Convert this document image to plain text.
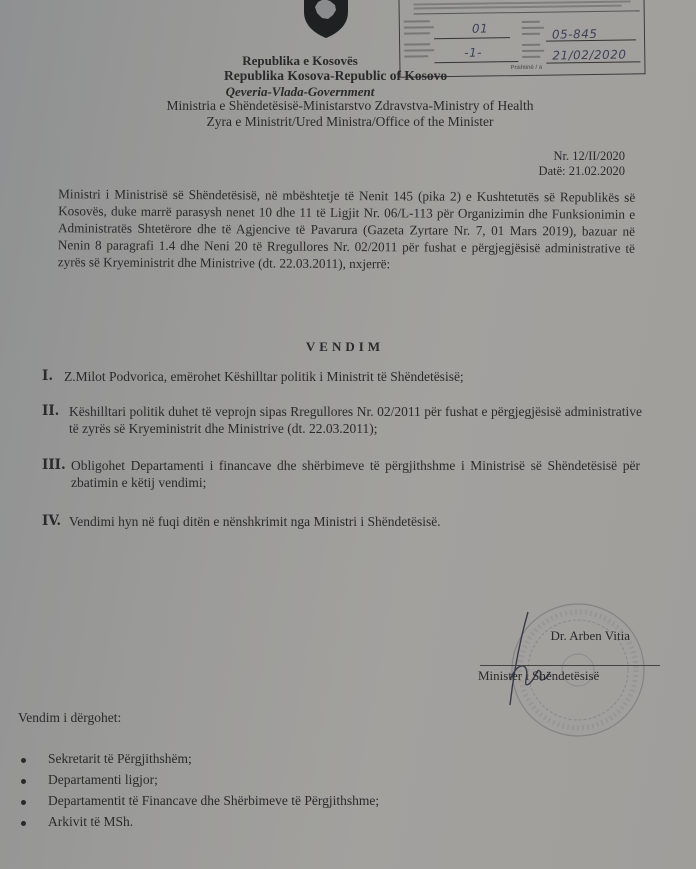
01
-1-
05-845
21/02/2020
Prishtinë / a
Republika e Kosovës
Republika Kosova-Republic of Kosovo
Qeveria-Vlada-Government
Ministria e Shëndetësisë-Ministarstvo Zdravstva-Ministry of Health
Zyra e Ministrit/Ured Ministra/Office of the Minister
Nr. 12/II/2020
Datë: 21.02.2020

Ministri i Ministrisë së Shëndetësisë, në mbështetje të Nenit 145 (pika 2) e Kushtetutës së Republikës së Kosovës, duke marrë parasysh nenet 10 dhe 11 të Ligjit Nr. 06/L-113 për Organizimin dhe Funksionimin e Administratës Shtetërore dhe të Agjencive të Pavarura (Gazeta Zyrtare Nr. 7, 01 Mars 2019), bazuar në Nenin 8 paragrafi 1.4 dhe Neni 20 të Rregullores Nr. 02/2011 për fushat e përgjegjësisë administrative të zyrës së Kryeministrit dhe Ministrive (dt. 22.03.2011), nxjerrë:

VENDIM
I. Z.Milot Podvorica, emërohet Këshilltar politik i Ministrit të Shëndetësisë;
II. Këshilltari politik duhet të veprojn sipas Rregullores Nr. 02/2011 për fushat e përgjegjësisë administrative të zyrës së Kryeministrit dhe Ministrive (dt. 22.03.2011);
III. Obligohet Departamenti i financave dhe shërbimeve të përgjithshme i Ministrisë së Shëndetësisë për zbatimin e këtij vendimi;
IV. Vendimi hyn në fuqi ditën e nënshkrimit nga Ministri i Shëndetësisë.
Dr. Arben Vitia
Minister i Shëndetësisë
Vendim i dërgohet:
Sekretarit të Përgjithshëm;
Departamenti ligjor;
Departamentit të Financave dhe Shërbimeve të Përgjithshme;
Arkivit të MSh.
